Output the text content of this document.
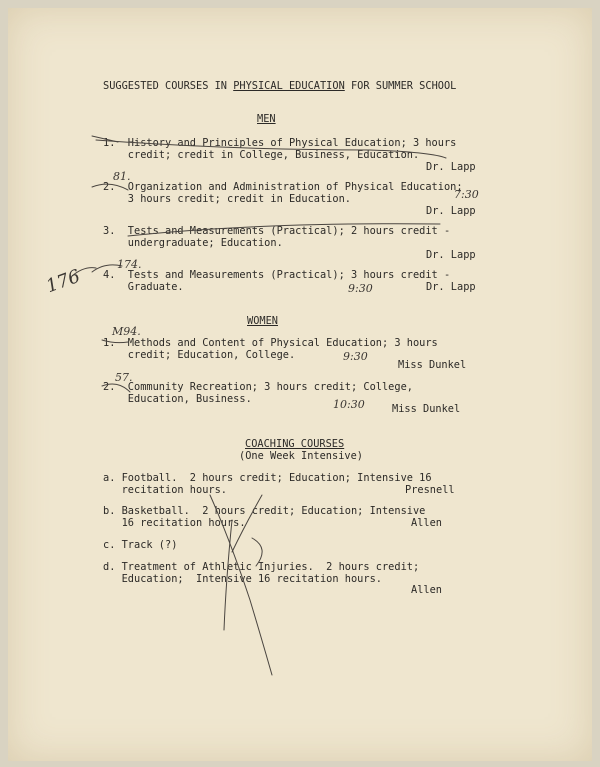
SUGGESTED COURSES IN PHYSICAL EDUCATION FOR SUMMER SCHOOL
MEN
1.  History and Principles of Physical Education; 3 hours
credit; credit in College, Business, Education.
Dr. Lapp
2.  Organization and Administration of Physical Education;
3 hours credit; credit in Education.
Dr. Lapp
3.  Tests and Measurements (Practical); 2 hours credit -
undergraduate; Education.
Dr. Lapp
4.  Tests and Measurements (Practical); 3 hours credit -
Graduate.	Dr. Lapp
WOMEN
1.  Methods and Content of Physical Education; 3 hours
credit; Education, College.
Miss Dunkel
2.  Community Recreation; 3 hours credit; College,
Education, Business.
Miss Dunkel
COACHING COURSES
(One Week Intensive)
a. Football.  2 hours credit; Education; Intensive 16
recitation hours.	Presnell
b. Basketball.  2 hours credit; Education; Intensive
16 recitation hours.	Allen
c. Track (?)
d. Treatment of Athletic Injuries.  2 hours credit;
Education;  Intensive 16 recitation hours.
Allen
81.
7:30
176
174.
9:30
M94.
9:30
57.
10:30
